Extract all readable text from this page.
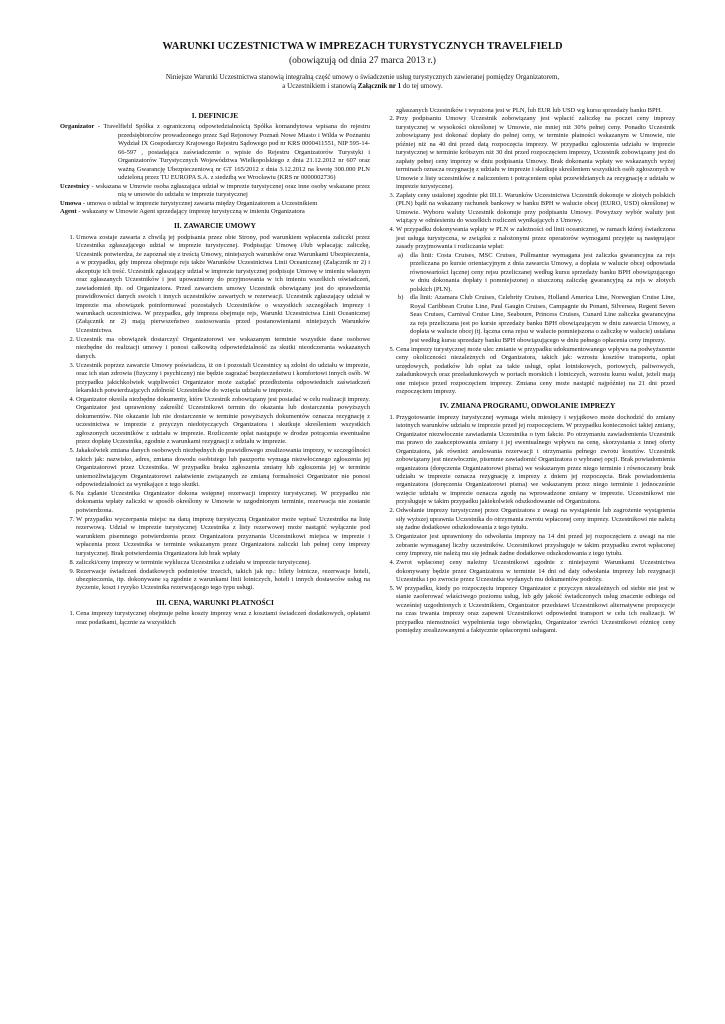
WARUNKI UCZESTNICTWA W IMPREZACH TURYSTYCZNYCH TRAVELFIELD
(obowiązują od dnia 27 marca 2013 r.)
Niniejsze Warunki Uczestnictwa stanowią integralną część umowy o świadczenie usług turystycznych zawieranej pomiędzy Organizatorem,
a Uczestnikiem i stanowią Załącznik nr 1 do tej umowy.
I. DEFINICJE

Organizator - Travelfield Spółka z ograniczoną odpowiedzialnością Spółka komandytowa wpisana do rejestru przedsiębiorców prowadzonego przez Sąd Rejonowy Poznań Nowe Miasto i Wilda w Poznaniu Wydział IX Gospodarczy Krajowego Rejestru Sądowego pod nr KRS 0000411551, NIP 595-14-66-597 , posiadająca zaświadczenie o wpisie do Rejestru Organizatorów Turystyki i Organizatorów Turystycznych Województwa Wielkopolskiego z dnia 21.12.2012 nr 607 oraz ważną Gwarancję Ubezpieczeniową nr GT 165/2012 z dnia 3.12.2012 na kwotę 300.000 PLN udzieloną przez TU EUROPA S.A. z siedzibą we Wrocławiu (KRS nr 0000002736)

Uczestnicy - wskazana w Umowie osoba zgłaszająca udział w imprezie turystycznej oraz inne osoby wskazane przez nią w umowie do udziału w imprezie turystycznej

Umowa - umowa o udział w imprezie turystycznej zawarta między Organizatorem a Uczestnikiem

Agent - wskazany w Umowie Agent sprzedający imprezę turystyczną w imieniu Organizatora

II. ZAWARCIE UMOWY
1. Umowa zostaje zawarta z chwilą jej podpisania przez obie Strony, pod warunkiem wpłacenia zaliczki przez Uczestnika zgłaszającego udział w imprezie turystycznej. Podpisując Umowę i/lub wpłacając zaliczkę, Uczestnik potwierdza, że zapoznał się z treścią Umowy, niniejszych warunków oraz Warunkami Ubezpieczenia, a w przypadku, gdy impreza obejmuje rejs także Warunków Uczestnictwa Linii Oceanicznej (Załącznik nr 2) i akceptuje ich treść. Uczestnik zgłaszający udział w imprezie turystycznej podpisuje Umowę w imieniu własnym oraz zgłaszanych Uczestników i jest upoważniony do przyjmowania w ich imieniu wszelkich oświadczeń, zawiadomień itp. od Organizatora. Przed zawarciem umowy Uczestnik obowiązany jest do sprawdzenia prawidłowości danych swoich i innych uczestników zawartych w rezerwacji. Uczestnik zgłaszający udział w imprezie ma obowiązek poinformować pozostałych Uczestników o wszystkich szczegółach imprezy i warunkach uczestnictwa. W przypadku, gdy impreza obejmuje rejs, Warunki Uczestnictwa Linii Oceanicznej (Załącznik nr 2) mają pierwszeństwo zastosowania przed postanowieniami niniejszych Warunków Uczestnictwa.
2. Uczestnik ma obowiązek dostarczyć Organizatorowi we wskazanym terminie wszystkie dane osobowe niezbędne do realizacji umowy i ponosi całkowitą odpowiedzialność za skutki nieodczerania wskazanych danych.
3. Uczestnik poprzez zawarcie Umowy poświadcza, iż on i pozostali Uczestnicy są zdolni do udziału w imprezie, oraz ich stan zdrowia (fizyczny i psychiczny) nie będzie zagrażać bezpieczeństwu i komfortowi innych osób. W przypadku jakichkolwiek wątpliwości Organizator może zażądać przedłożenia odpowiednich zaświadczeń lekarskich potwierdzających zdolność Uczestników do wzięcia udziału w imprezie.
4. Organizator określa niezbędne dokumenty, które Uczestnik zobowiązany jest posiadać w celu realizacji imprezy. Organizator jest uprawniony zakreślić Uczestnikowi termin do okazania lub dostarczenia powyższych dokumentów. Nie okazanie lub nie dostarczenie w terminie powyższych dokumentów oznacza rezygnację z uczestnictwa w imprezie z przyczyn niedotyczących Organizatora i skutkuje skreśleniem wszystkich zgłoszonych uczestników z udziału w imprezie. Rozliczenie opłat nastąpuje w drodze potrącenia ewentualne przez dopłatę Uczestnika, zgodnie z warunkami rezygnacji z udziału w imprezie.
5. Jakakolwiek zmiana danych osobowych niezbędnych do prawidłowego zrealizowania imprezy, w szczególności takich jak: nazwisko, adres, zmiana dowodu osobistego lub paszportu wymaga niezwłocznego zgłoszenia jej Organizatorowi przez Uczestnika. W przypadku braku zgłoszenia zmiany lub zgłoszenia jej w terminie uniemożliwiającym Organizatorowi załatwienie związanych ze zmianą formalności Organizator nie ponosi odpowiedzialności za wynikające z tego skutki.
6. Na żądanie Uczestnika Organizator dokona wstępnej rezerwacji imprezy turystycznej. W przypadku nie dokonania wpłaty zaliczki w sposób określony w Umowie w uzgodnionym terminie, rezerwacja nie zostanie potwierdzona.
7. W przypadku wyczerpania miejsc na daną imprezę turystyczną Organizator może wpisać Uczestnika na listę rezerwową. Udział w imprezie turystycznej Uczestnika z listy rezerwowej może nastąpić wyłącznie pod warunkiem pisemnego potwierdzenia przez Organizatora przyznania Uczestnikowi miejsca w imprezie i wpłacenia przez Uczestnika w terminie wskazanym przez Organizatora zaliczki lub pełnej ceny imprezy turystycznej. Brak potwierdzenia Organizatora lub brak wpłaty
8. zaliczki/ceny imprezy w terminie wyklucza Uczestnika z udziału w imprezie turystycznej.
9. Rezerwacje świadczeń dodatkowych podmiotów trzecich, takich jak np.: bilety lotnicze, rezerwacje hoteli, ubezpieczenia, itp. dokonywane są zgodnie z warunkami linii lotniczych, hoteli i innych dostawców usług na życzenie, koszt i ryzyko Uczestnika rezerwującego tego typu usługi.
III. CENA, WARUNKI PŁATNOŚCI
1. Cena imprezy turystycznej obejmuje pełne koszty imprezy wraz z kosztami świadczeń dodatkowych, opłatami oraz podatkami, łącznie za wszystkich

zgłaszanych Uczestników i wyrażona jest w PLN, lub EUR lub USD wg kursu sprzedaży banku BPH.

2. Przy podpisaniu Umowy Uczestnik zobowiązany jest wpłacić zaliczkę na poczet ceny imprezy turystycznej w wysokości określonej w Umowie, nie mniej niż 30% pełnej ceny. Ponadto Uczestnik zobowiązany jest dokonać dopłaty do pełnej ceny, w terminie płatności wskazanym w Umowie, nie później niż na 40 dni przed datą rozpoczęcia imprezy. W przypadku zgłoszenia udziału w imprezie turystycznej w terminie krótszym niż 30 dni przed rozpoczęciem imprezy, Uczestnik zobowiązany jest do zapłaty pełnej ceny imprezy w dniu podpisania Umowy. Brak dokonania wpłaty we wskazanych wyżej terminach oznacza rezygnację z udziału w imprezie i skutkuje skreśleniem wszystkich osób zgłoszonych w Umowie z listy uczestników z naliczeniem i potrąceniem opłat przewidzianych za rezygnację z udziału w imprezie turystycznej.
3. Zapłaty ceny ustalonej zgodnie pkt III.1. Warunków Uczestnictwa Uczestnik dokonuje w złotych polskich (PLN) bądź na wskazany rachunek bankowy w banku BPH w walucie obcej (EURO, USD) określonej w Umowie. Wyboru waluty Uczestnik dokonuje przy podpisaniu Umowy. Powyższy wybór waluty jest wiążący w odniesieniu do wszelkich rozliczeń wynikających z Umowy.
4. W przypadku dokonywania wpłaty w PLN w zależności od linii oceanicznej, w ramach której świadczona jest usługa turystyczna, w związku z nałożonymi przez operatorów wymogami przyjęte są następujące zasady przyjmowania i rozliczania wpłat:
a) dla linii: Costa Cruises, MSC Cruises, Pullmantur wymagana jest zaliczka gwarancyjna za rejs przeliczana po kursie orientacyjnym z dnia zawarcia Umowy, a dopłata w walucie obcej odpowiada równowartości łącznej ceny rejsu przeliczanej według kursu sprzedaży banku BPH obowiązującego w dniu dokonania dopłaty i pomniejszonej o uiszczoną zaliczkę gwarancyjną za rejs w złotych polskich (PLN).
b) dla linii: Azamara Club Cruises, Celebrity Cruises, Holland America Line, Norwegian Cruise Line, Royal Caribbean Cruise Line, Paul Gaugin Cruises, Campagnie du Ponant, Silversea, Regent Seven Seas Cruises, Carnival Cruise Line, Seabourn, Princess Cruises, Cunard Line zaliczka gwarancyjna za rejs przeliczana jest po kursie sprzedaży banku BPH obowiązującym w dniu zawarcia Umowy, a dopłata w walucie obcej (tj. łączna cena rejsu w walucie pomniejszona o zaliczkę w walucie) ustalana jest według kursu sprzedaży banku BPH obowiązującego w dniu pełnego opłacenia ceny imprezy.
5. Cena imprezy turystycznej może ulec zmianie w przypadku udokumentowanego wpływu na podwyższenie ceny okoliczności niezależnych od Organizatora, takich jak: wzrostu kosztów transportu, opłat urzędowych, podatków lub opłat za takie usługi, opłat lotniskowych, portowych, paliwowych, załadunkowych oraz przeładunkowych w portach morskich i lotniczych, wzrostu kursu walut, jeżeli mają one miejsce przed rozpoczęciem imprezy. Zmiana ceny może nastąpić najpóźniej na 21 dni przed rozpoczęciem imprezy.
IV. ZMIANA PROGRAMU, ODWOŁANIE IMPREZY
1. Przygotowanie imprezy turystycznej wymaga wielu miesięcy i wyjątkowo może dochodzić do zmiany istotnych warunków udziału w imprezie przed jej rozpoczęciem. W przypadku konieczności takiej zmiany, Organizator niezwłocznie zawiadamia Uczestnika o tym fakcie. Po otrzymaniu zawiadomienia Uczestnik ma prawo do zaakceptowania zmiany i jej ewentualnego wpływu na cenę, skorzystania z innej oferty Organizatora, jak również anulowania rezerwacji i otrzymania pełnego zwrotu kosztów. Uczestnik zobowiązany jest niezwłocznie, pisemnie zawiadomić Organizatora o wybranej opcji. Brak powiadomienia organizatora (doręczenia Organizatorowi pisma) we wskazanym przez niego terminie i równoczesny brak udziału w imprezie oznacza rezygnację z imprezy z dniem jej rozpoczęcia. Brak powiadomienia organizatora (doręczenia Organizatorowi pisma) we wskazanym przez niego terminie i jednocześnie wzięcie udziału w imprezie oznacza zgodę na wprowadzone zmiany w imprezie. Uczestnikowi nie przysługuje w takim przypadku jakiekolwiek odszkodowanie od Organizatora.
2. Odwołanie imprezy turystycznej przez Organizatora z uwagi na wystąpienie lub zagrożenie wystąpienia siły wyższej uprawnia Uczestnika do otrzymania zwrotu wpłaconej ceny imprezy. Uczestnikowi nie należą się żadne dodatkowe odszkodowania z tego tytułu.
3. Organizator jest uprawniony do odwołania imprezy na 14 dni przed jej rozpoczęciem z uwagi na nie zebranie wymaganej liczby uczestników. Uczestnikowi przysługuje w takim przypadku zwrot wpłaconej ceny imprezy, nie należą mu się jednak żadne dodatkowe odszkodowania z tego tytułu.
4. Zwrot wpłaconej ceny należny Uczestnikowi zgodnie z niniejszymi Warunkami Uczestnictwa dokonywany będzie przez Organizatora w terminie 14 dni od daty odwołania imprezy lub rezygnacji Uczestnika i po zwrocie przez Uczestnika wydanych mu dokumentów podróży.
5. W przypadku, kiedy po rozpoczęciu imprezy Organizator z przyczyn niezależnych od siebie nie jest w stanie zaoferować właściwego poziomu usług, lub gdy jakość świadczonych usług znacznie odbiega od wcześniej uzgodnionych z Uczestnikiem, Organizator przedstawi Uczestnikowi alternatywne propozycje na czas trwania imprezy oraz zapewni Uczestnikowi odpowiedni transport w celu ich realizacji. W przypadku niemożności wypełnienia tego obowiązku, Organizator zwróci Uczestnikowi różnicę ceny pomiędzy zrealizowanymi a faktycznie opłaconymi usługami.
